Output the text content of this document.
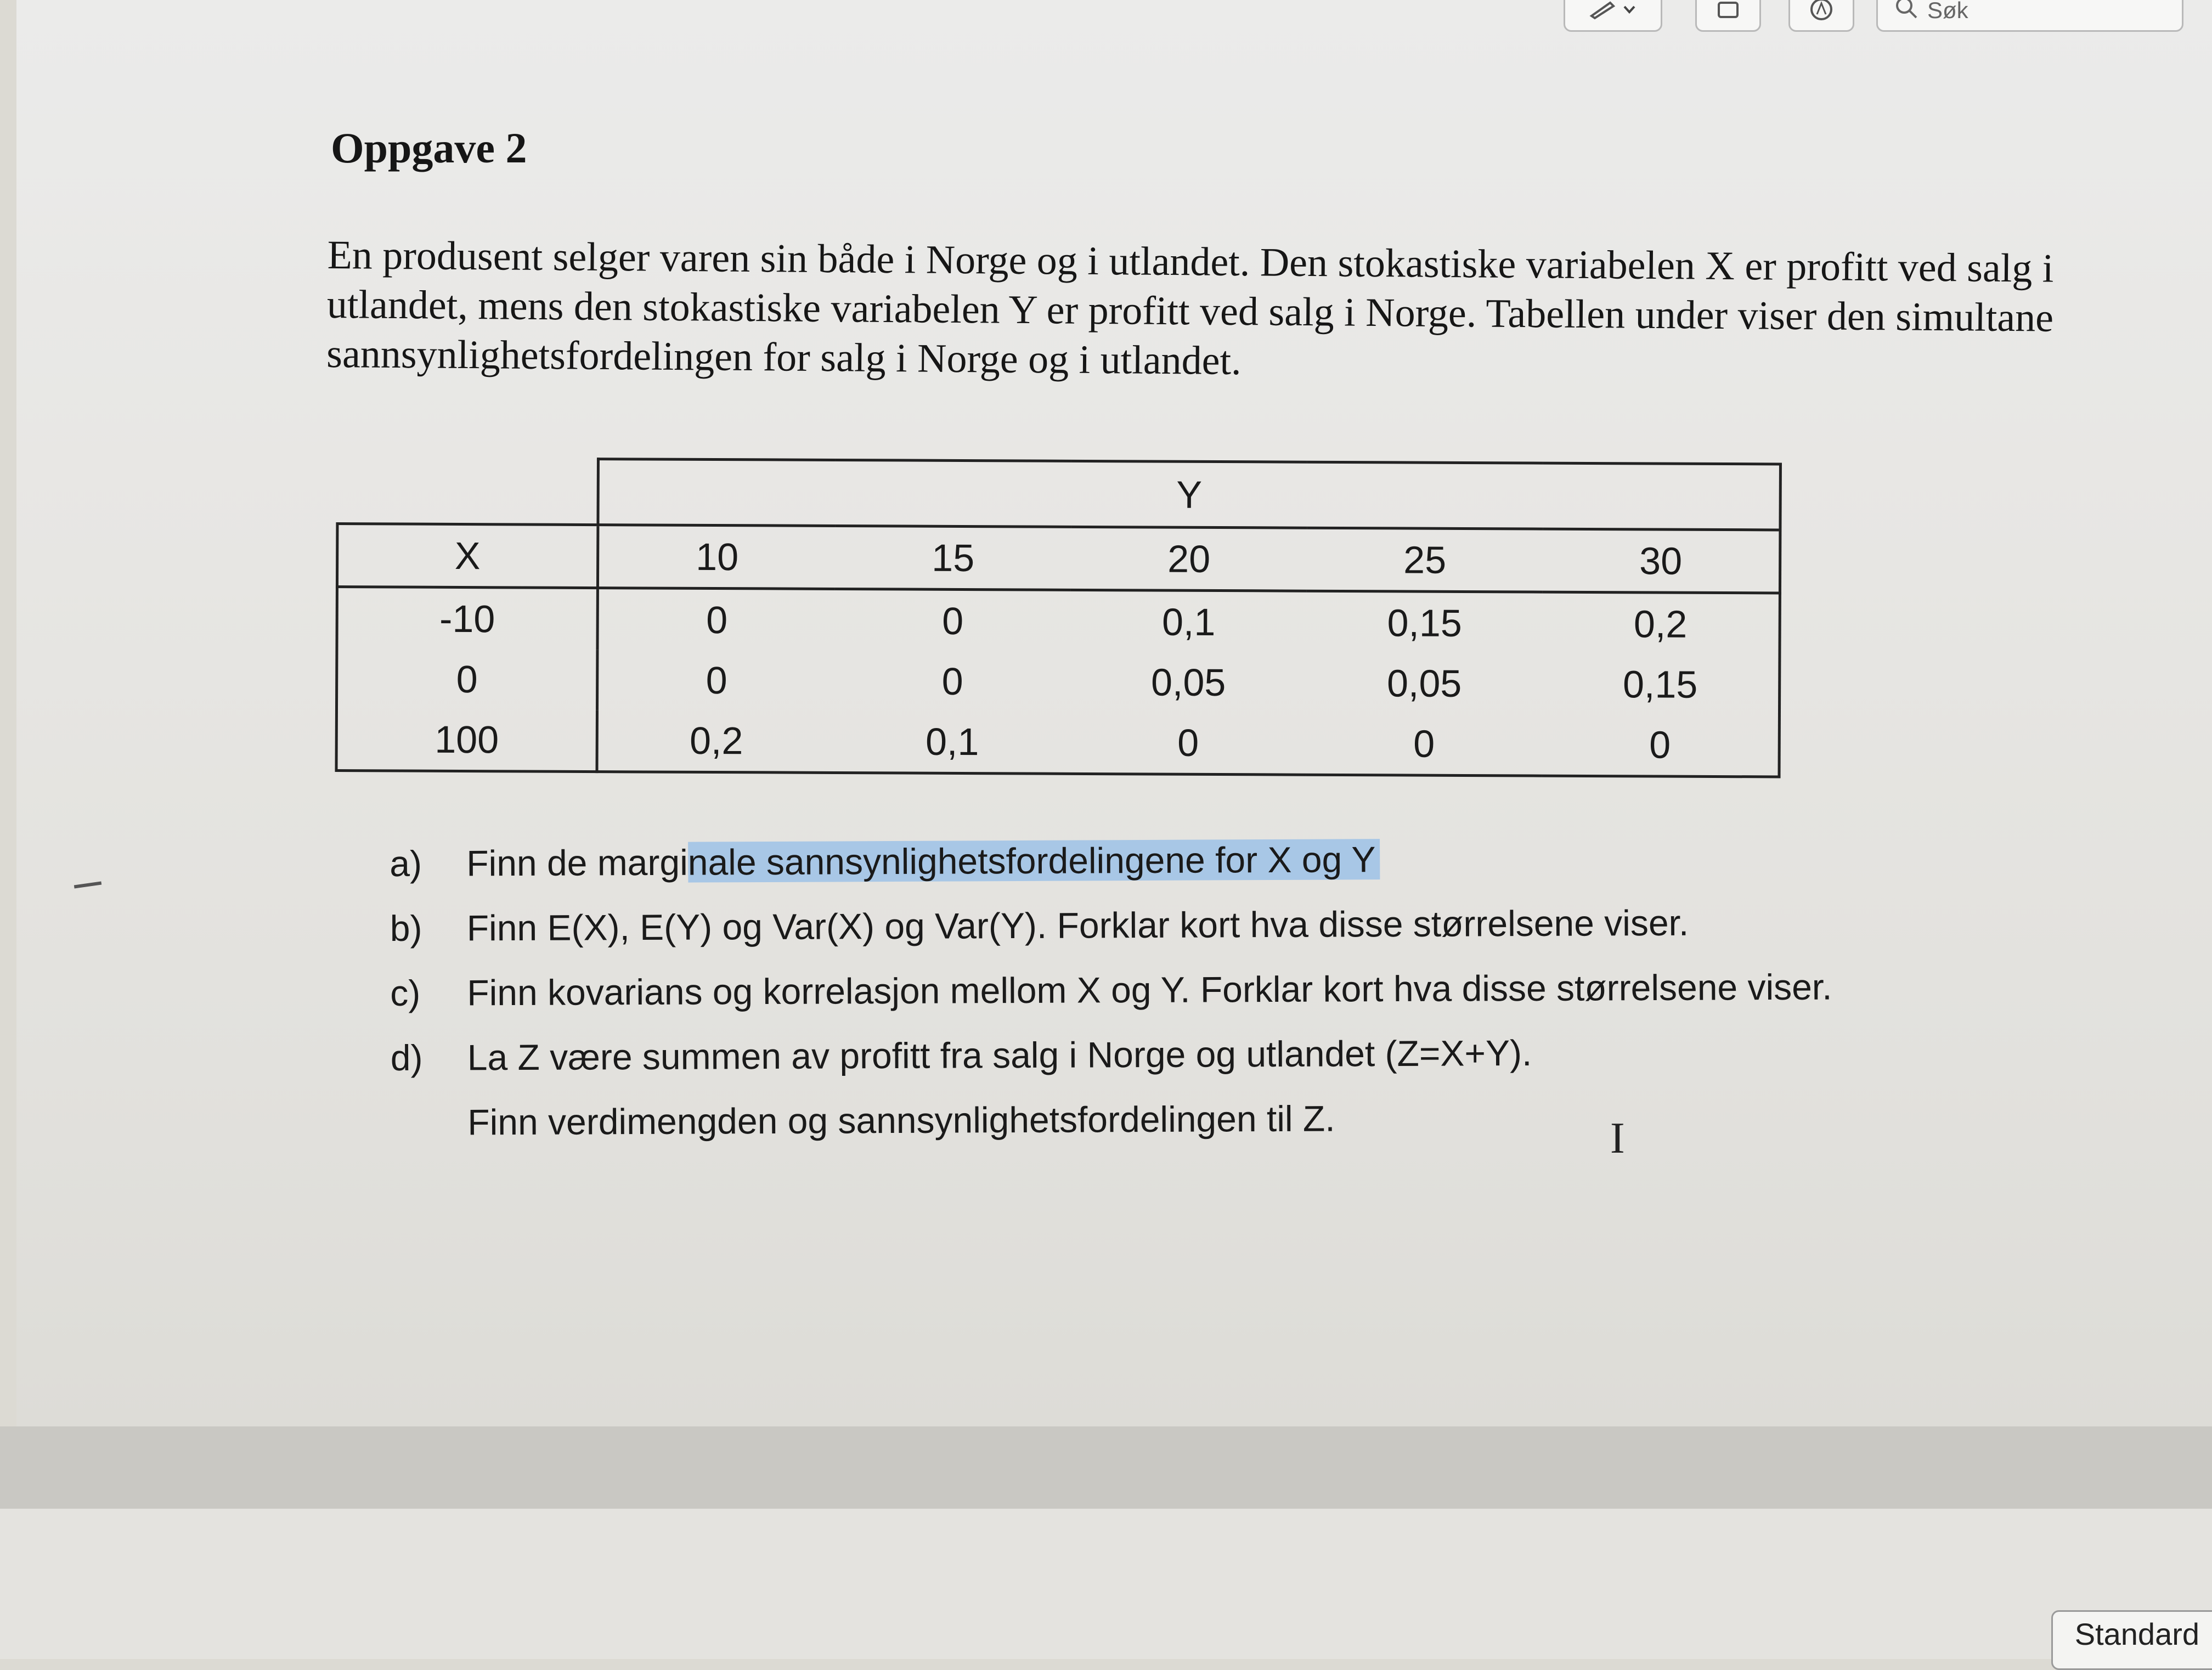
Søk
Oppgave 2

En produsent selger varen sin både i Norge og i utlandet. Den stokastiske variabelen X er profitt ved salg i utlandet, mens den stokastiske variabelen Y er profitt ved salg i Norge. Tabellen under viser den simultane sannsynlighetsfordelingen for salg i Norge og i utlandet.

	Y				
X	10	15	20	25	30
-10	0	0	0,1	0,15	0,2
0	0	0	0,05	0,05	0,15
100	0,2	0,1	0	0	0
a)	Finn de marginale sannsynlighetsfordelingene for X og Y
b)	Finn E(X), E(Y) og Var(X) og Var(Y). Forklar kort hva disse størrelsene viser.
c)	Finn kovarians og korrelasjon mellom X og Y. Forklar kort hva disse størrelsene viser.
d)	La Z være summen av profitt fra salg i Norge og utlandet (Z=X+Y).
Finn verdimengden og sannsynlighetsfordelingen til Z.	I
Standard
